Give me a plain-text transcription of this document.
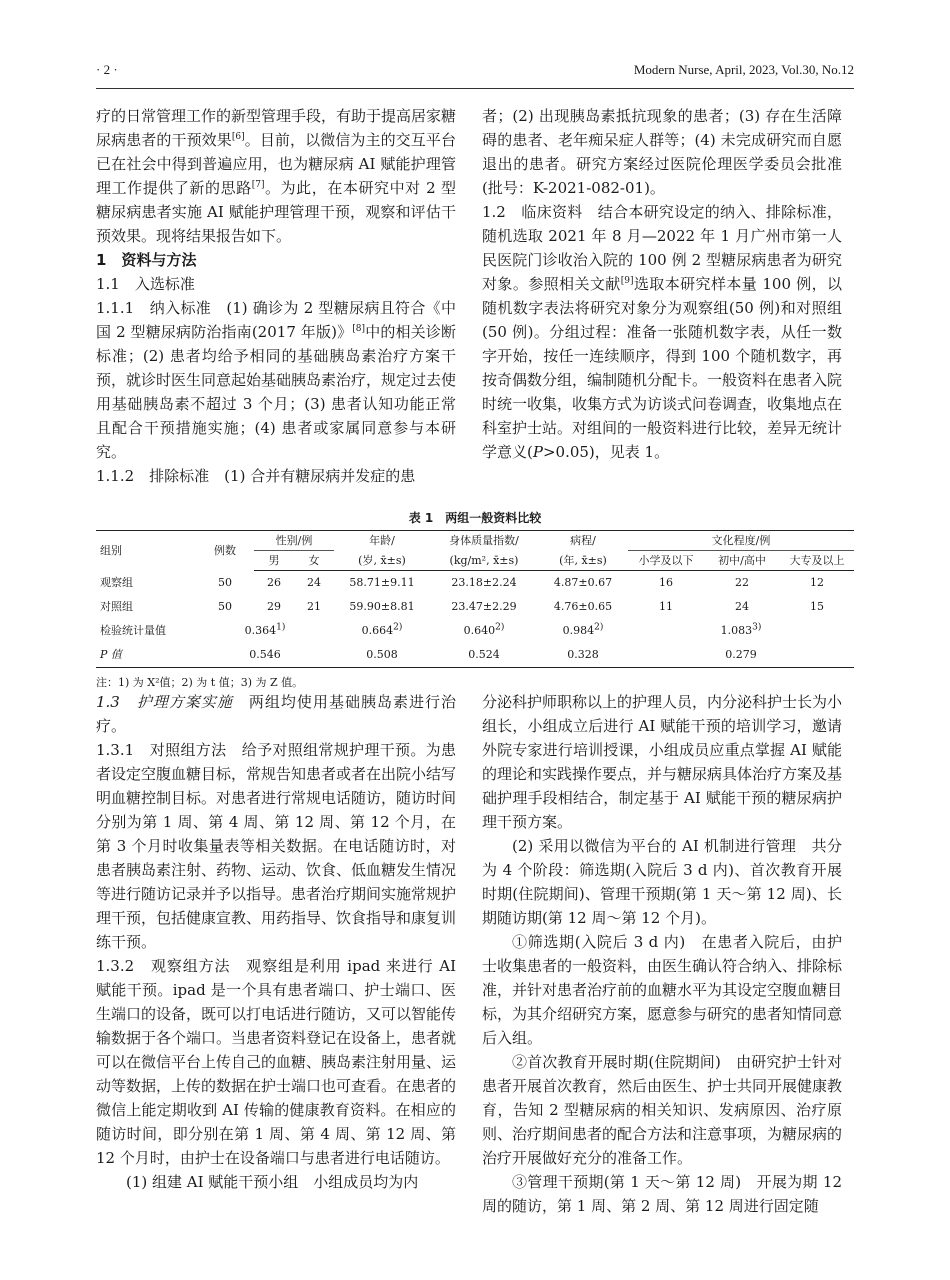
· 2 ·	Modern Nurse, April, 2023, Vol.30, No.12

疗的日常管理工作的新型管理手段，有助于提高居家糖尿病患者的干预效果[6]。目前，以微信为主的交互平台已在社会中得到普遍应用，也为糖尿病 AI 赋能护理管理工作提供了新的思路[7]。为此，在本研究中对 2 型糖尿病患者实施 AI 赋能护理管理干预，观察和评估干预效果。现将结果报告如下。

1　资料与方法

1.1　入选标准

1.1.1　纳入标准　(1) 确诊为 2 型糖尿病且符合《中国 2 型糖尿病防治指南(2017 年版)》[8]中的相关诊断标准；(2) 患者均给予相同的基础胰岛素治疗方案干预，就诊时医生同意起始基础胰岛素治疗，规定过去使用基础胰岛素不超过 3 个月；(3) 患者认知功能正常且配合干预措施实施；(4) 患者或家属同意参与本研究。

1.1.2　排除标准　(1) 合并有糖尿病并发症的患

者；(2) 出现胰岛素抵抗现象的患者；(3) 存在生活障碍的患者、老年痴呆症人群等；(4) 未完成研究而自愿退出的患者。研究方案经过医院伦理医学委员会批准(批号：K-2021-082-01)。

1.2　临床资料　结合本研究设定的纳入、排除标准，随机选取 2021 年 8 月—2022 年 1 月广州市第一人民医院门诊收治入院的 100 例 2 型糖尿病患者为研究对象。参照相关文献[9]选取本研究样本量 100 例，以随机数字表法将研究对象分为观察组(50 例)和对照组(50 例)。分组过程：准备一张随机数字表，从任一数字开始，按任一连续顺序，得到 100 个随机数字，再按奇偶数分组，编制随机分配卡。一般资料在患者入院时统一收集，收集方式为访谈式问卷调查，收集地点在科室护士站。对组间的一般资料进行比较，差异无统计学意义(P>0.05)，见表 1。

表 1　两组一般资料比较
组别	例数	性别/例		年龄/	身体质量指数/	病程/	文化程度/例		
		男	女	(岁, x̄±s)	(kg/m², x̄±s)	(年, x̄±s)	小学及以下	初中/高中	大专及以上
观察组	50	26	24	58.71±9.11	23.18±2.24	4.87±0.67	16	22	12
对照组	50	29	21	59.90±8.81	23.47±2.29	4.76±0.65	11	24	15
检验统计量值	0.364$^{1)}$			0.664$^{2)}$	0.640$^{2)}$	0.984$^{2)}$	1.083$^{3)}$
P 值	0.546			0.508	0.524	0.328	0.279		
注：1) 为 X²值；2) 为 t 值；3) 为 Z 值。

1.3　护理方案实施　两组均使用基础胰岛素进行治疗。

1.3.1　对照组方法　给予对照组常规护理干预。为患者设定空腹血糖目标，常规告知患者或者在出院小结写明血糖控制目标。对患者进行常规电话随访，随访时间分别为第 1 周、第 4 周、第 12 周、第 12 个月，在第 3 个月时收集量表等相关数据。在电话随访时，对患者胰岛素注射、药物、运动、饮食、低血糖发生情况等进行随访记录并予以指导。患者治疗期间实施常规护理干预，包括健康宣教、用药指导、饮食指导和康复训练干预。

1.3.2　观察组方法　观察组是利用 ipad 来进行 AI 赋能干预。ipad 是一个具有患者端口、护士端口、医生端口的设备，既可以打电话进行随访，又可以智能传输数据于各个端口。当患者资料登记在设备上，患者就可以在微信平台上传自己的血糖、胰岛素注射用量、运动等数据，上传的数据在护士端口也可查看。在患者的微信上能定期收到 AI 传输的健康教育资料。在相应的随访时间，即分别在第 1 周、第 4 周、第 12 周、第 12 个月时，由护士在设备端口与患者进行电话随访。

(1) 组建 AI 赋能干预小组　小组成员均为内

分泌科护师职称以上的护理人员，内分泌科护士长为小组长，小组成立后进行 AI 赋能干预的培训学习，邀请外院专家进行培训授课，小组成员应重点掌握 AI 赋能的理论和实践操作要点，并与糖尿病具体治疗方案及基础护理手段相结合，制定基于 AI 赋能干预的糖尿病护理干预方案。

(2) 采用以微信为平台的 AI 机制进行管理　共分为 4 个阶段：筛选期(入院后 3 d 内)、首次教育开展时期(住院期间)、管理干预期(第 1 天～第 12 周)、长期随访期(第 12 周～第 12 个月)。

①筛选期(入院后 3 d 内)　在患者入院后，由护士收集患者的一般资料，由医生确认符合纳入、排除标准，并针对患者治疗前的血糖水平为其设定空腹血糖目标，为其介绍研究方案，愿意参与研究的患者知情同意后入组。

②首次教育开展时期(住院期间)　由研究护士针对患者开展首次教育，然后由医生、护士共同开展健康教育，告知 2 型糖尿病的相关知识、发病原因、治疗原则、治疗期间患者的配合方法和注意事项，为糖尿病的治疗开展做好充分的准备工作。

③管理干预期(第 1 天～第 12 周)　开展为期 12 周的随访，第 1 周、第 2 周、第 12 周进行固定随
